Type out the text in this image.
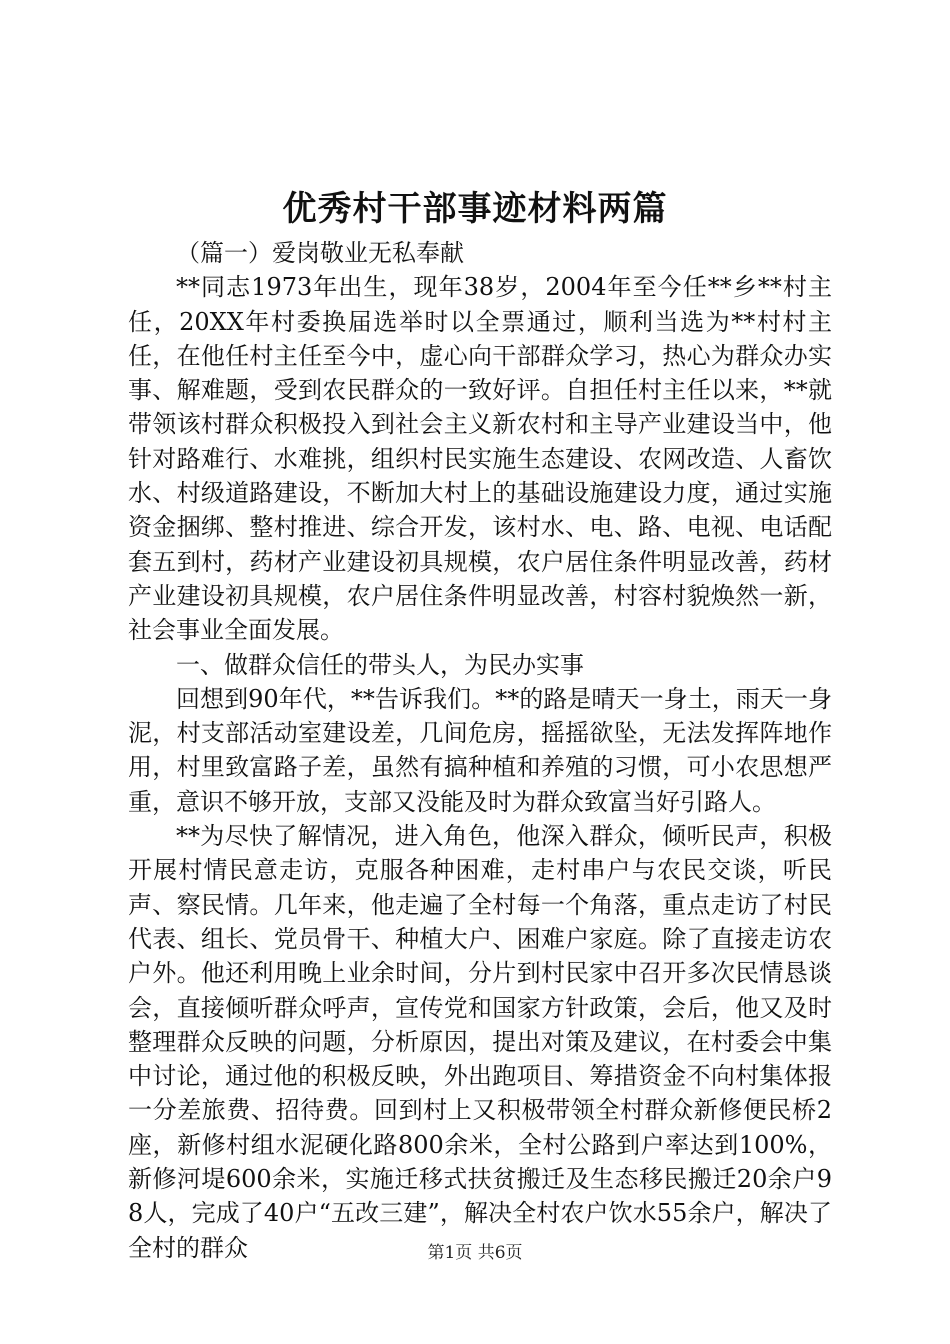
优秀村干部事迹材料两篇

（篇一）爱岗敬业无私奉献

**同志1973年出生，现年38岁，2004年至今任**乡**村主任，20XX年村委换届选举时以全票通过，顺利当选为**村村主任，在他任村主任至今中，虚心向干部群众学习，热心为群众办实事、解难题，受到农民群众的一致好评。自担任村主任以来，**就带领该村群众积极投入到社会主义新农村和主导产业建设当中，他针对路难行、水难挑，组织村民实施生态建设、农网改造、人畜饮水、村级道路建设，不断加大村上的基础设施建设力度，通过实施资金捆绑、整村推进、综合开发，该村水、电、路、电视、电话配套五到村，药材产业建设初具规模，农户居住条件明显改善，药材产业建设初具规模，农户居住条件明显改善，村容村貌焕然一新，社会事业全面发展。

一、做群众信任的带头人，为民办实事

回想到90年代，**告诉我们。**的路是晴天一身土，雨天一身泥，村支部活动室建设差，几间危房，摇摇欲坠，无法发挥阵地作用，村里致富路子差，虽然有搞种植和养殖的习惯，可小农思想严重，意识不够开放，支部又没能及时为群众致富当好引路人。

**为尽快了解情况，进入角色，他深入群众，倾听民声，积极开展村情民意走访，克服各种困难，走村串户与农民交谈，听民声、察民情。几年来，他走遍了全村每一个角落，重点走访了村民代表、组长、党员骨干、种植大户、困难户家庭。除了直接走访农户外。他还利用晚上业余时间，分片到村民家中召开多次民情恳谈会，直接倾听群众呼声，宣传党和国家方针政策，会后，他又及时整理群众反映的问题，分析原因，提出对策及建议，在村委会中集中讨论，通过他的积极反映，外出跑项目、筹措资金不向村集体报一分差旅费、招待费。回到村上又积极带领全村群众新修便民桥2座，新修村组水泥硬化路800余米，全村公路到户率达到100%，新修河堤600余米，实施迁移式扶贫搬迁及生态移民搬迁20余户98人，完成了40户“五改三建”，解决全村农户饮水55余户，解决了全村的群众	第1页 共6页
